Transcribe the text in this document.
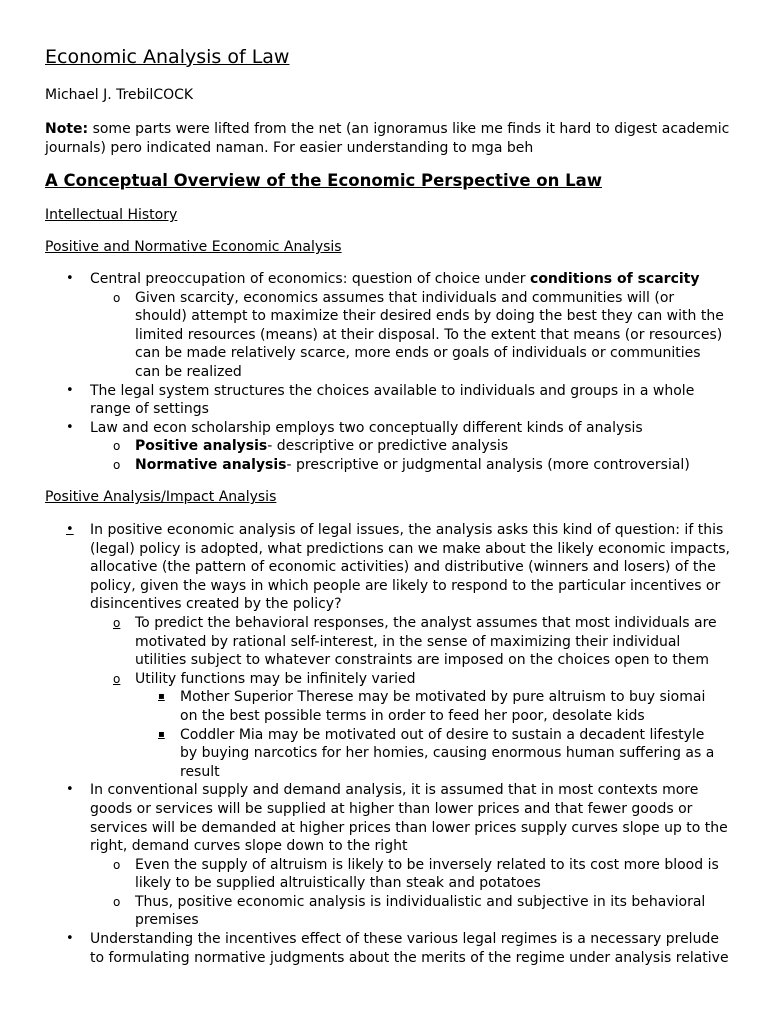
Economic Analysis of Law

Michael J. TrebilCOCK

Note: some parts were lifted from the net (an ignoramus like me finds it hard to digest academic journals) pero indicated naman. For easier understanding to mga beh

A Conceptual Overview of the Economic Perspective on Law

Intellectual History

Positive and Normative Economic Analysis

• Central preoccupation of economics: question of choice under conditions of scarcity
o Given scarcity, economics assumes that individuals and communities will (or should) attempt to maximize their desired ends by doing the best they can with the limited resources (means) at their disposal. To the extent that means (or resources) can be made relatively scarce, more ends or goals of individuals or communities can be realized
• The legal system structures the choices available to individuals and groups in a whole range of settings
• Law and econ scholarship employs two conceptually different kinds of analysis
o Positive analysis- descriptive or predictive analysis
o Normative analysis- prescriptive or judgmental analysis (more controversial)

Positive Analysis/Impact Analysis

• In positive economic analysis of legal issues, the analysis asks this kind of question: if this (legal) policy is adopted, what predictions can we make about the likely economic impacts, allocative (the pattern of economic activities) and distributive (winners and losers) of the policy, given the ways in which people are likely to respond to the particular incentives or disincentives created by the policy?
o To predict the behavioral responses, the analyst assumes that most individuals are motivated by rational self-interest, in the sense of maximizing their individual utilities subject to whatever constraints are imposed on the choices open to them
o Utility functions may be infinitely varied
▪ Mother Superior Therese may be motivated by pure altruism to buy siomai on the best possible terms in order to feed her poor, desolate kids
▪ Coddler Mia may be motivated out of desire to sustain a decadent lifestyle by buying narcotics for her homies, causing enormous human suffering as a result
• In conventional supply and demand analysis, it is assumed that in most contexts more goods or services will be supplied at higher than lower prices and that fewer goods or services will be demanded at higher prices than lower prices supply curves slope up to the right, demand curves slope down to the right
o Even the supply of altruism is likely to be inversely related to its cost more blood is likely to be supplied altruistically than steak and potatoes
o Thus, positive economic analysis is individualistic and subjective in its behavioral premises
• Understanding the incentives effect of these various legal regimes is a necessary prelude to formulating normative judgments about the merits of the regime under analysis relative
